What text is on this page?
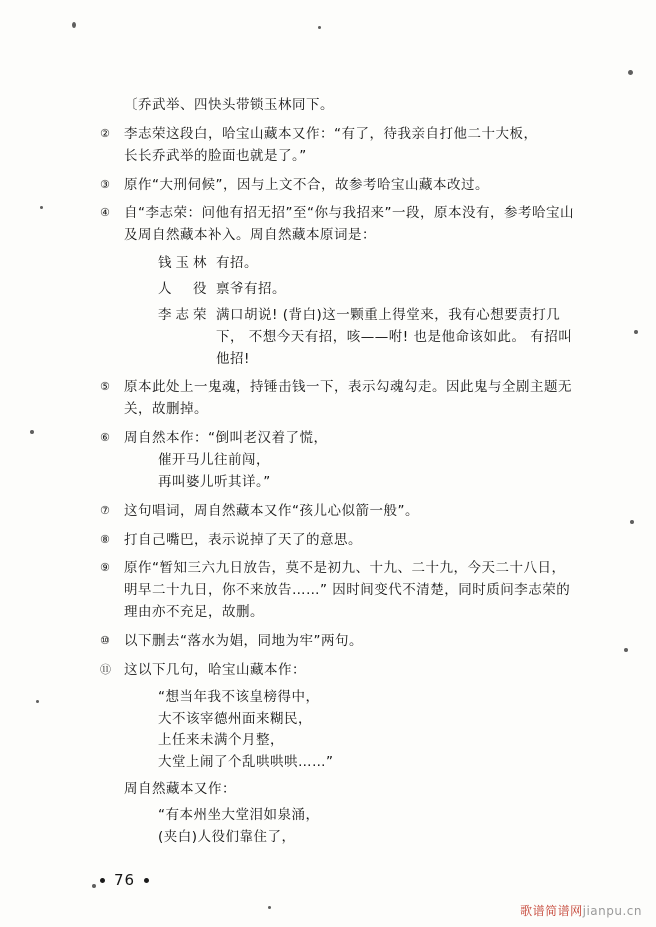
〔乔武举、四快头带锁玉林同下。
②	李志荣这段白，哈宝山藏本又作：“有了，待我亲自打他二十大板，
长长乔武举的脸面也就是了。”
③	原作“大刑伺候”，因与上文不合，故参考哈宝山藏本改过。
④	自“李志荣：问他有招无招”至“你与我招来”一段，原本没有，参考哈宝山
及周自然藏本补入。周自然藏本原词是：
钱玉林 有招。
人　役 禀爷有招。
李志荣 满口胡说! (背白)这一颗重上得堂来，我有心想要责打几下， 不想今天有招，咳——咐! 也是他命该如此。 有招叫他招!
⑤	原本此处上一鬼魂，持锤击钱一下，表示勾魂勾走。因此鬼与全剧主题无
关，故删掉。
⑥	周自然本作：“倒叫老汉着了慌，
催开马儿往前闯，
再叫婆儿听其详。”
⑦	这句唱词，周自然藏本又作“孩儿心似箭一般”。
⑧	打自己嘴巴，表示说掉了天了的意思。
⑨	原作“暂知三六九日放告，莫不是初九、十九、二十九，今天二十八日，
明早二十九日，你不来放告……” 因时间变代不清楚，同时质问李志荣的
理由亦不充足，故删。
⑩	以下删去“落水为娼，同地为牢”两句。
⑪ 这以下几句，哈宝山藏本作：
“想当年我不该皇榜得中，
大不该宰德州面来糊民，
上任来未满个月整，
大堂上闹了个乱哄哄哄……”
周自然藏本又作：
“有本州坐大堂泪如泉涌，
(夹白)人役们靠住了，
76
歌谱简谱网jianpu.cn
